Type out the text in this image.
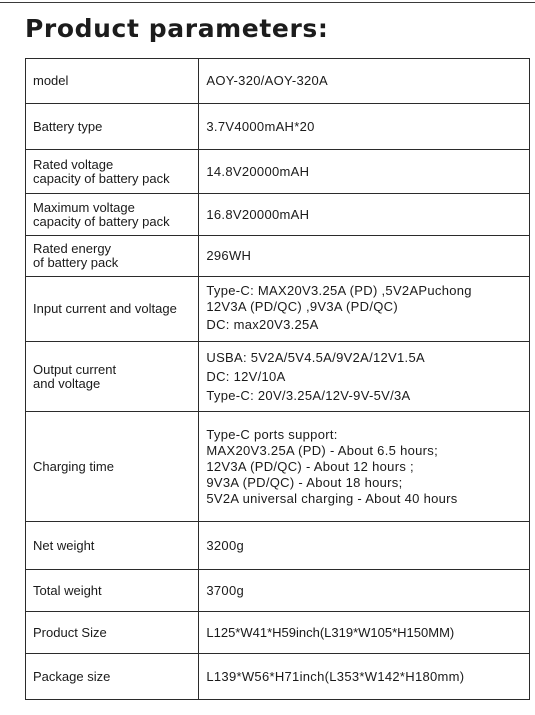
Product parameters:
model	AOY-320/AOY-320A

Battery type	3.7V4000mAH*20

Rated voltage
capacity of battery pack	14.8V20000mAH

Maximum voltage
capacity of battery pack	16.8V20000mAH

Rated energy
of battery pack	296WH

Input current and voltage	Type-C: MAX20V3.25A (PD) ,5V2APuchong
12V3A (PD/QC) ,9V3A (PD/QC)
DC: max20V3.25A

Output current
and voltage	USBA: 5V2A/5V4.5A/9V2A/12V1.5A
DC: 12V/10A
Type-C: 20V/3.25A/12V-9V-5V/3A

Charging time	Type-C ports support:
MAX20V3.25A (PD) - About 6.5 hours;
12V3A (PD/QC) - About 12 hours ;
9V3A (PD/QC) - About 18 hours;
5V2A universal charging - About 40 hours

Net weight	3200g

Total weight	3700g

Product Size	L125*W41*H59inch(L319*W105*H150MM)

Package size	L139*W56*H71inch(L353*W142*H180mm)
